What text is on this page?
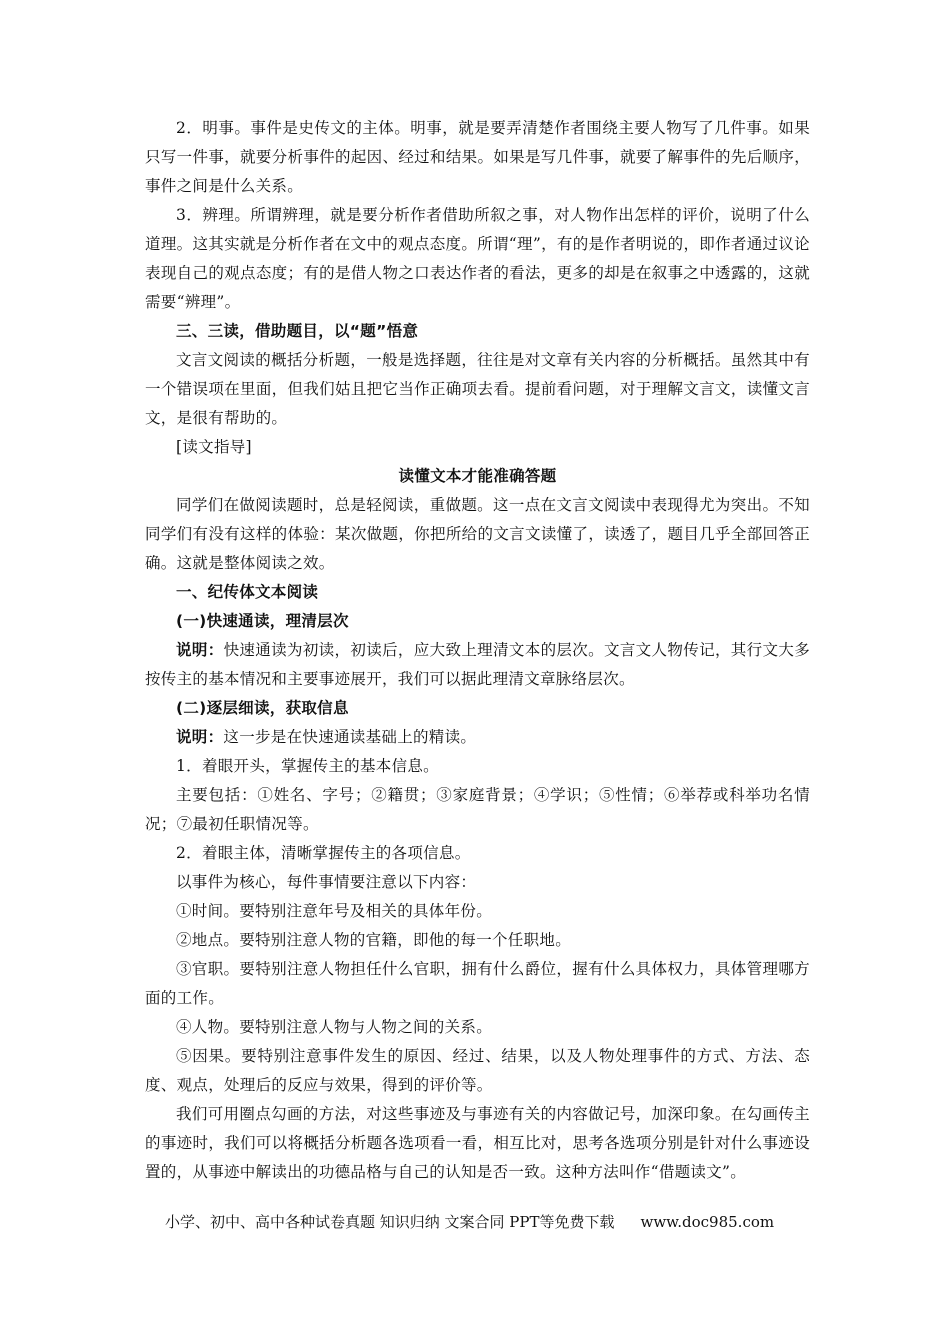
2．明事。事件是史传文的主体。明事，就是要弄清楚作者围绕主要人物写了几件事。如果只写一件事，就要分析事件的起因、经过和结果。如果是写几件事，就要了解事件的先后顺序，事件之间是什么关系。

3．辨理。所谓辨理，就是要分析作者借助所叙之事，对人物作出怎样的评价，说明了什么道理。这其实就是分析作者在文中的观点态度。所谓“理”，有的是作者明说的，即作者通过议论表现自己的观点态度；有的是借人物之口表达作者的看法，更多的却是在叙事之中透露的，这就需要“辨理”。

三、三读，借助题目，以“题”悟意

文言文阅读的概括分析题，一般是选择题，往往是对文章有关内容的分析概括。虽然其中有一个错误项在里面，但我们姑且把它当作正确项去看。提前看问题，对于理解文言文，读懂文言文，是很有帮助的。

[读文指导]

读懂文本才能准确答题

同学们在做阅读题时，总是轻阅读，重做题。这一点在文言文阅读中表现得尤为突出。不知同学们有没有这样的体验：某次做题，你把所给的文言文读懂了，读透了，题目几乎全部回答正确。这就是整体阅读之效。

一、纪传体文本阅读

(一)快速通读，理清层次

说明：快速通读为初读，初读后，应大致上理清文本的层次。文言文人物传记，其行文大多按传主的基本情况和主要事迹展开，我们可以据此理清文章脉络层次。

(二)逐层细读，获取信息

说明：这一步是在快速通读基础上的精读。

1．着眼开头，掌握传主的基本信息。

主要包括：①姓名、字号；②籍贯；③家庭背景；④学识；⑤性情；⑥举荐或科举功名情况；⑦最初任职情况等。

2．着眼主体，清晰掌握传主的各项信息。

以事件为核心，每件事情要注意以下内容：

①时间。要特别注意年号及相关的具体年份。

②地点。要特别注意人物的官籍，即他的每一个任职地。

③官职。要特别注意人物担任什么官职，拥有什么爵位，握有什么具体权力，具体管理哪方面的工作。

④人物。要特别注意人物与人物之间的关系。

⑤因果。要特别注意事件发生的原因、经过、结果，以及人物处理事件的方式、方法、态度、观点，处理后的反应与效果，得到的评价等。

我们可用圈点勾画的方法，对这些事迹及与事迹有关的内容做记号，加深印象。在勾画传主的事迹时，我们可以将概括分析题各选项看一看，相互比对，思考各选项分别是针对什么事迹设置的，从事迹中解读出的功德品格与自己的认知是否一致。这种方法叫作“借题读文”。

小学、初中、高中各种试卷真题 知识归纳 文案合同 PPT等免费下载 www.doc985.com
